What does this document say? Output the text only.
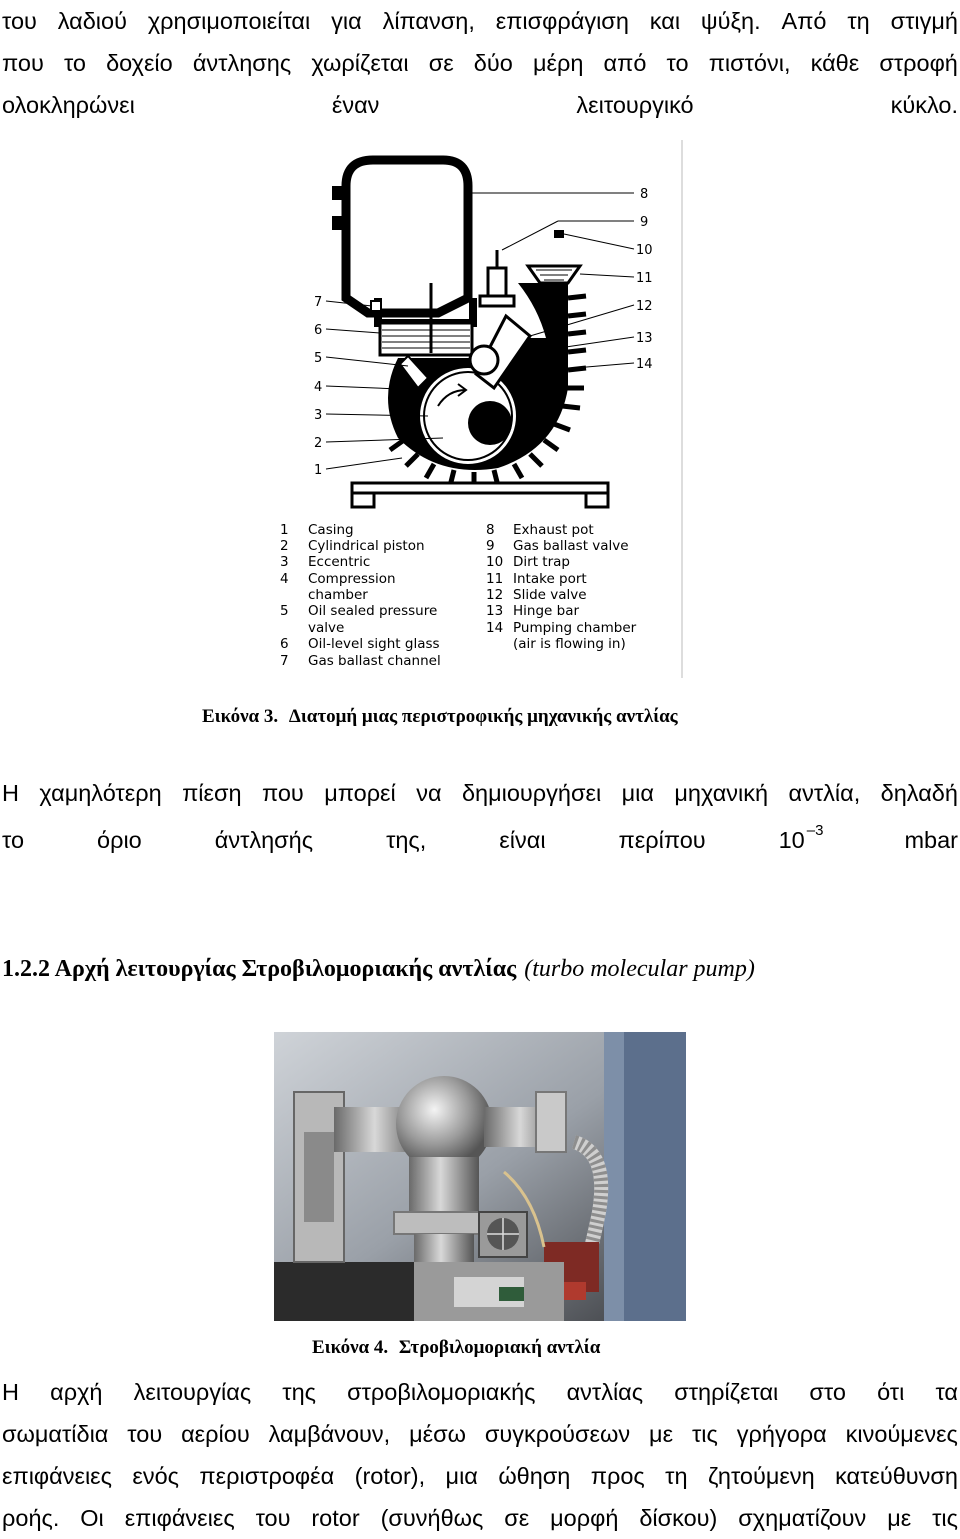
του λαδιού χρησιμοποιείται για λίπανση, επισφράγιση και ψύξη. Από τη στιγμή
που το δοχείο άντλησης χωρίζεται σε δύο μέρη από το πιστόνι, κάθε στροφή
ολοκληρώνει έναν λειτουργικό κύκλο.
7
6
5
4
3
2
1
8
9
10
11
12
13
14
1 Casing
2 Cylindrical piston
3 Eccentric
4 Compression
chamber
5 Oil sealed pressure
valve
6 Oil-level sight glass
7 Gas ballast channel
8 Exhaust pot
9 Gas ballast valve
10 Dirt trap
11 Intake port
12 Slide valve
13 Hinge bar
14 Pumping chamber
(air is flowing in)
Εικόνα 3. Διατομή μιας περιστροφικής μηχανικής αντλίας
Η χαμηλότερη πίεση που μπορεί να δημιουργήσει μια μηχανική αντλία, δηλαδή
το όριο άντλησής της, είναι περίπου 10 $^{-3}$	mbar
1.2.2 Αρχή λειτουργίας Στροβιλομοριακής αντλίας (turbo molecular pump)
Εικόνα 4. Στροβιλομοριακή αντλία
Η αρχή λειτουργίας της στροβιλομοριακής αντλίας στηρίζεται στο ότι τα
σωματίδια του αερίου λαμβάνουν, μέσω συγκρούσεων με τις γρήγορα κινούμενες
επιφάνειες ενός περιστροφέα (rotor), μια ώθηση προς τη ζητούμενη κατεύθυνση
ροής. Οι επιφάνειες του rotor (συνήθως σε μορφή δίσκου) σχηματίζουν με τις
